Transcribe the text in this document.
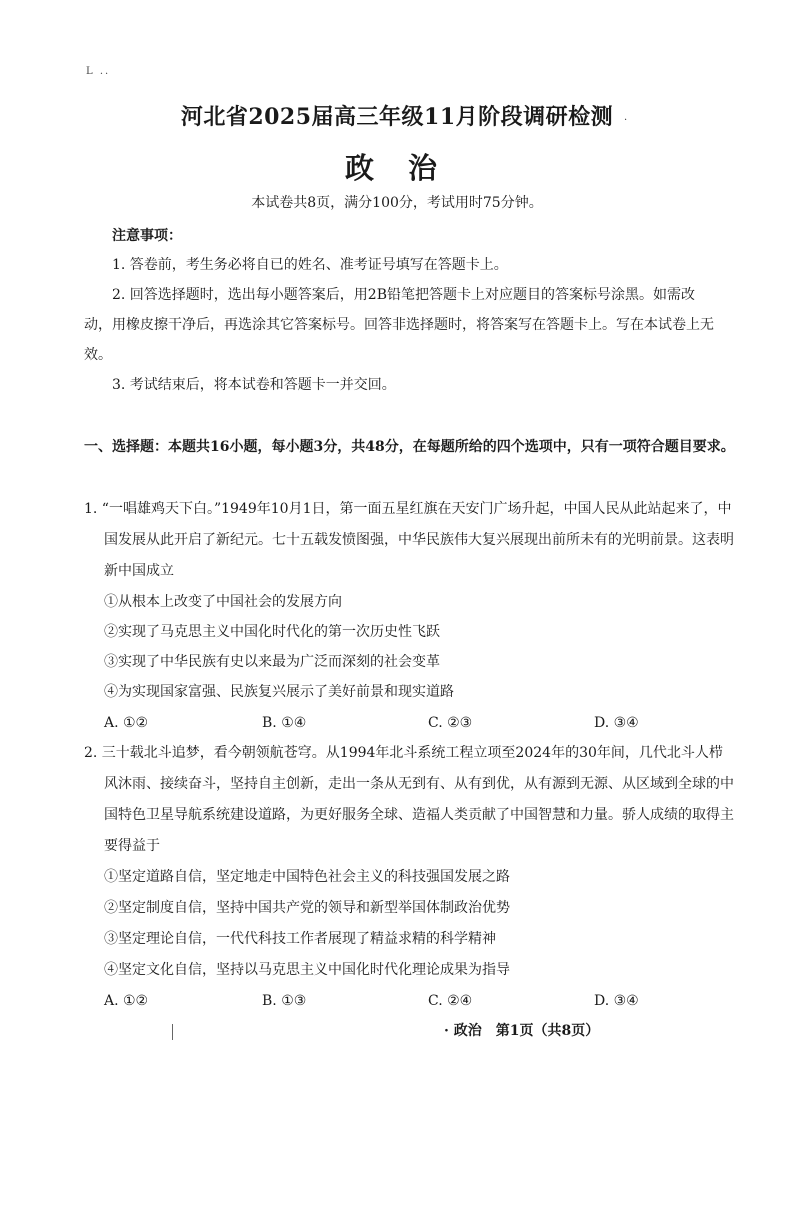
L ..
河北省2025届高三年级11月阶段调研检测	.
政 治
本试卷共8页，满分100分，考试用时75分钟。
注意事项：
1. 答卷前，考生务必将自已的姓名、准考证号填写在答题卡上。
2. 回答选择题时，选出每小题答案后，用2B铅笔把答题卡上对应题目的答案标号涂黑。如需改动，用橡皮擦干净后，再选涂其它答案标号。回答非选择题时，将答案写在答题卡上。写在本试卷上无效。
3. 考试结束后，将本试卷和答题卡一并交回。
一、选择题：本题共16小题，每小题3分，共48分，在每题所给的四个选项中，只有一项符合题目要求。
1. “一唱雄鸡天下白。”1949年10月1日，第一面五星红旗在天安门广场升起，中国人民从此站起来了，中国发展从此开启了新纪元。七十五载发愤图强，中华民族伟大复兴展现出前所未有的光明前景。这表明新中国成立
①从根本上改变了中国社会的发展方向
②实现了马克思主义中国化时代化的第一次历史性飞跃
③实现了中华民族有史以来最为广泛而深刻的社会变革
④为实现国家富强、民族复兴展示了美好前景和现实道路
A. ①②	B. ①④	C. ②③	D. ③④
2. 三十载北斗追梦，看今朝领航苍穹。从1994年北斗系统工程立项至2024年的30年间，几代北斗人栉风沐雨、接续奋斗，坚持自主创新，走出一条从无到有、从有到优，从有源到无源、从区域到全球的中国特色卫星导航系统建设道路，为更好服务全球、造福人类贡献了中国智慧和力量。骄人成绩的取得主要得益于
①坚定道路自信，坚定地走中国特色社会主义的科技强国发展之路
②坚定制度自信，坚持中国共产党的领导和新型举国体制政治优势
③坚定理论自信，一代代科技工作者展现了精益求精的科学精神
④坚定文化自信，坚持以马克思主义中国化时代化理论成果为指导
A. ①②	B. ①③	C. ②④	D. ③④
· 政治　第1页（共8页）
